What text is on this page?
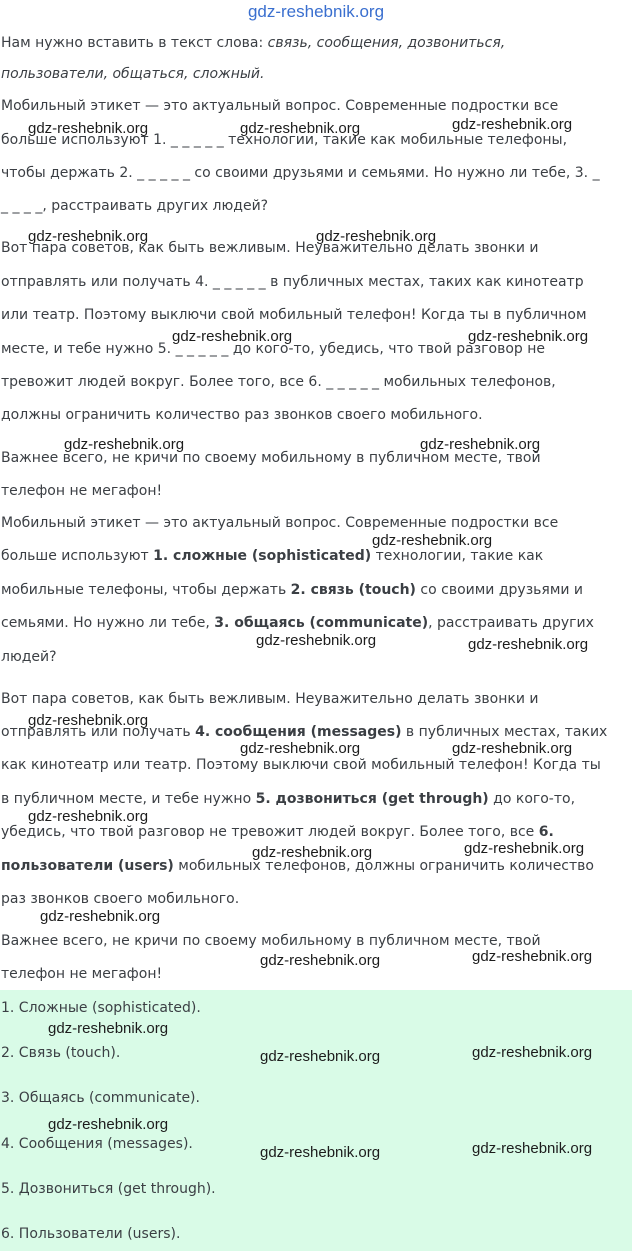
gdz-reshebnik.org
Нам нужно вставить в текст слова: связь, сообщения, дозвониться,
пользователи, общаться, сложный.
Мобильный этикет — это актуальный вопрос. Современные подростки все
больше используют 1. _ _ _ _ _ технологии, такие как мобильные телефоны,
чтобы держать 2. _ _ _ _ _ со своими друзьями и семьями. Но нужно ли тебе, 3. _
_ _ _ _, расстраивать других людей?
Вот пара советов, как быть вежливым. Неуважительно делать звонки и
отправлять или получать 4. _ _ _ _ _ в публичных местах, таких как кинотеатр
или театр. Поэтому выключи свой мобильный телефон! Когда ты в публичном
месте, и тебе нужно 5. _ _ _ _ _ до кого-то, убедись, что твой разговор не
тревожит людей вокруг. Более того, все 6. _ _ _ _ _ мобильных телефонов,
должны ограничить количество раз звонков своего мобильного.
Важнее всего, не кричи по своему мобильному в публичном месте, твой
телефон не мегафон!
Мобильный этикет — это актуальный вопрос. Современные подростки все
больше используют 1. сложные (sophisticated) технологии, такие как
мобильные телефоны, чтобы держать 2. связь (touch) со своими друзьями и
семьями. Но нужно ли тебе, 3. общаясь (communicate), расстраивать других
людей?
Вот пара советов, как быть вежливым. Неуважительно делать звонки и
отправлять или получать 4. сообщения (messages) в публичных местах, таких
как кинотеатр или театр. Поэтому выключи свой мобильный телефон! Когда ты
в публичном месте, и тебе нужно 5. дозвониться (get through) до кого-то,
убедись, что твой разговор не тревожит людей вокруг. Более того, все 6.
пользователи (users) мобильных телефонов, должны ограничить количество
раз звонков своего мобильного.
Важнее всего, не кричи по своему мобильному в публичном месте, твой
телефон не мегафон!
1. Сложные (sophisticated).
2. Связь (touch).
3. Общаясь (communicate).
4. Сообщения (messages).
5. Дозвониться (get through).
6. Пользователи (users).
gdz-reshebnik.org	gdz-reshebnik.org	gdz-reshebnik.org
gdz-reshebnik.org	gdz-reshebnik.org
gdz-reshebnik.org	gdz-reshebnik.org
gdz-reshebnik.org	gdz-reshebnik.org
gdz-reshebnik.org
gdz-reshebnik.org	gdz-reshebnik.org
gdz-reshebnik.org
gdz-reshebnik.org	gdz-reshebnik.org
gdz-reshebnik.org
gdz-reshebnik.org	gdz-reshebnik.org
gdz-reshebnik.org
gdz-reshebnik.org	gdz-reshebnik.org
gdz-reshebnik.org
gdz-reshebnik.org	gdz-reshebnik.org
gdz-reshebnik.org
gdz-reshebnik.org	gdz-reshebnik.org
